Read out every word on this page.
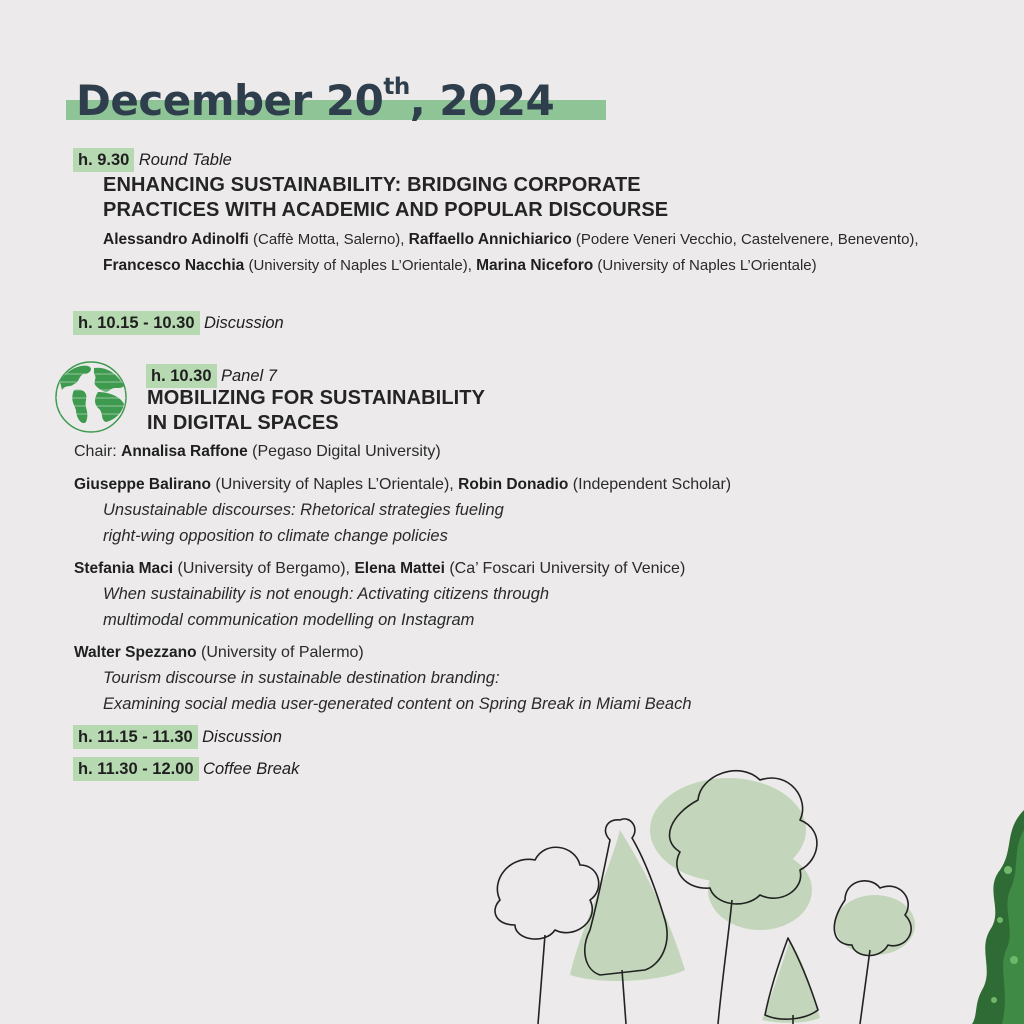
December 20th, 2024
h. 9.30 Round Table
ENHANCING SUSTAINABILITY: BRIDGING CORPORATE
PRACTICES WITH ACADEMIC AND POPULAR DISCOURSE
Alessandro Adinolfi (Caffè Motta, Salerno), Raffaello Annichiarico (Podere Veneri Vecchio, Castelvenere, Benevento), Francesco Nacchia (University of Naples L’Orientale), Marina Niceforo (University of Naples L’Orientale)
h. 10.15 - 10.30 Discussion
h. 10.30 Panel 7
MOBILIZING FOR SUSTAINABILITY
IN DIGITAL SPACES
Chair: Annalisa Raffone (Pegaso Digital University)
Giuseppe Balirano (University of Naples L’Orientale), Robin Donadio (Independent Scholar)
Unsustainable discourses: Rhetorical strategies fueling
right-wing opposition to climate change policies
Stefania Maci (University of Bergamo), Elena Mattei (Ca’ Foscari University of Venice)
When sustainability is not enough: Activating citizens through
multimodal communication modelling on Instagram
Walter Spezzano (University of Palermo)
Tourism discourse in sustainable destination branding:
Examining social media user-generated content on Spring Break in Miami Beach
h. 11.15 - 11.30 Discussion
h. 11.30 - 12.00 Coffee Break
